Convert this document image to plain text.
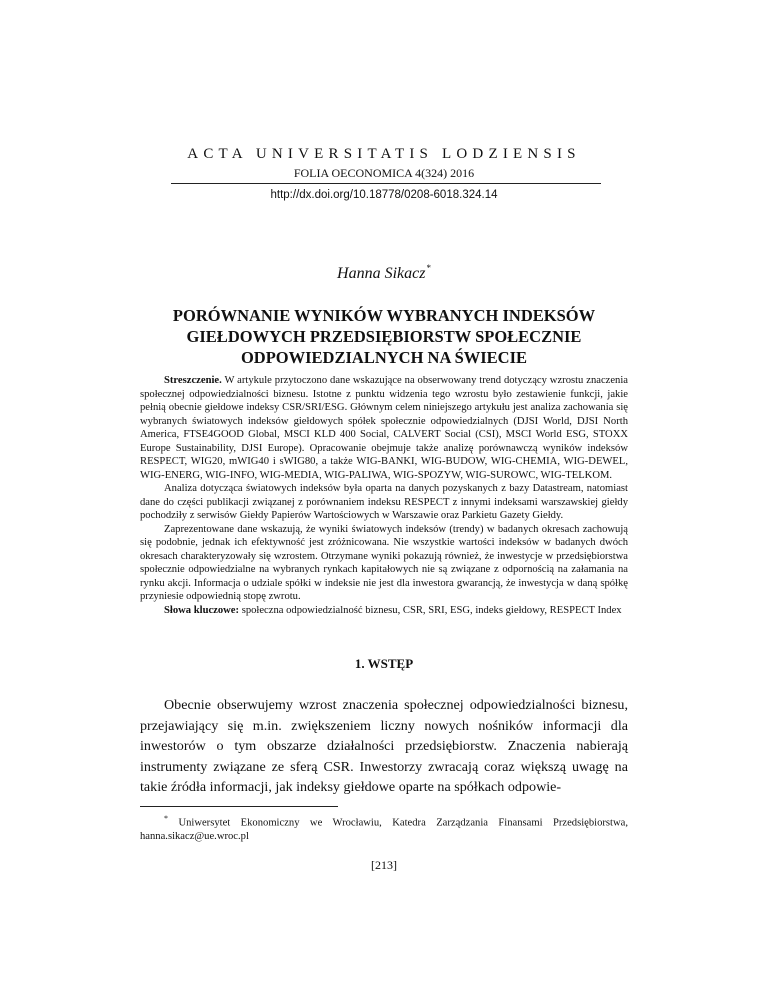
ACTA UNIVERSITATIS LODZIENSIS
FOLIA OECONOMICA 4(324) 2016
http://dx.doi.org/10.18778/0208-6018.324.14
Hanna Sikacz*
PORÓWNANIE WYNIKÓW WYBRANYCH INDEKSÓW GIEŁDOWYCH PRZEDSIĘBIORSTW SPOŁECZNIE ODPOWIEDZIALNYCH NA ŚWIECIE

Streszczenie. W artykule przytoczono dane wskazujące na obserwowany trend dotyczący wzrostu znaczenia społecznej odpowiedzialności biznesu. Istotne z punktu widzenia tego wzrostu było zestawienie funkcji, jakie pełnią obecnie giełdowe indeksy CSR/SRI/ESG. Głównym celem niniejszego artykułu jest analiza zachowania się wybranych światowych indeksów giełdowych spółek społecznie odpowiedzialnych (DJSI World, DJSI North America, FTSE4GOOD Global, MSCI KLD 400 Social, CALVERT Social (CSI), MSCI World ESG, STOXX Europe Sustainability, DJSI Europe). Opracowanie obejmuje także analizę porównawczą wyników indeksów RESPECT, WIG20, mWIG40 i sWIG80, a także WIG-BANKI, WIG-BUDOW, WIG-CHEMIA, WIG-DEWEL, WIG-ENERG, WIG-INFO, WIG-MEDIA, WIG-PALIWA, WIG-SPOZYW, WIG-SUROWC, WIG-TELKOM.

Analiza dotycząca światowych indeksów była oparta na danych pozyskanych z bazy Datastream, natomiast dane do części publikacji związanej z porównaniem indeksu RESPECT z innymi indeksami warszawskiej giełdy pochodziły z serwisów Giełdy Papierów Wartościowych w Warszawie oraz Parkietu Gazety Giełdy.

Zaprezentowane dane wskazują, że wyniki światowych indeksów (trendy) w badanych okresach zachowują się podobnie, jednak ich efektywność jest zróżnicowana. Nie wszystkie wartości indeksów w badanych dwóch okresach charakteryzowały się wzrostem. Otrzymane wyniki pokazują również, że inwestycje w przedsiębiorstwa społecznie odpowiedzialne na wybranych rynkach kapitałowych nie są związane z odpornością na załamania na rynku akcji. Informacja o udziale spółki w indeksie nie jest dla inwestora gwarancją, że inwestycja w daną spółkę przyniesie odpowiednią stopę zwrotu.

Słowa kluczowe: społeczna odpowiedzialność biznesu, CSR, SRI, ESG, indeks giełdowy, RESPECT Index

1. WSTĘP

Obecnie obserwujemy wzrost znaczenia społecznej odpowiedzialności biznesu, przejawiający się m.in. zwiększeniem liczny nowych nośników informacji dla inwestorów o tym obszarze działalności przedsiębiorstw. Znaczenia nabierają instrumenty związane ze sferą CSR. Inwestorzy zwracają coraz większą uwagę na takie źródła informacji, jak indeksy giełdowe oparte na spółkach odpowie-

* Uniwersytet Ekonomiczny we Wrocławiu, Katedra Zarządzania Finansami Przedsiębiorstwa, hanna.sikacz@ue.wroc.pl

[213]
